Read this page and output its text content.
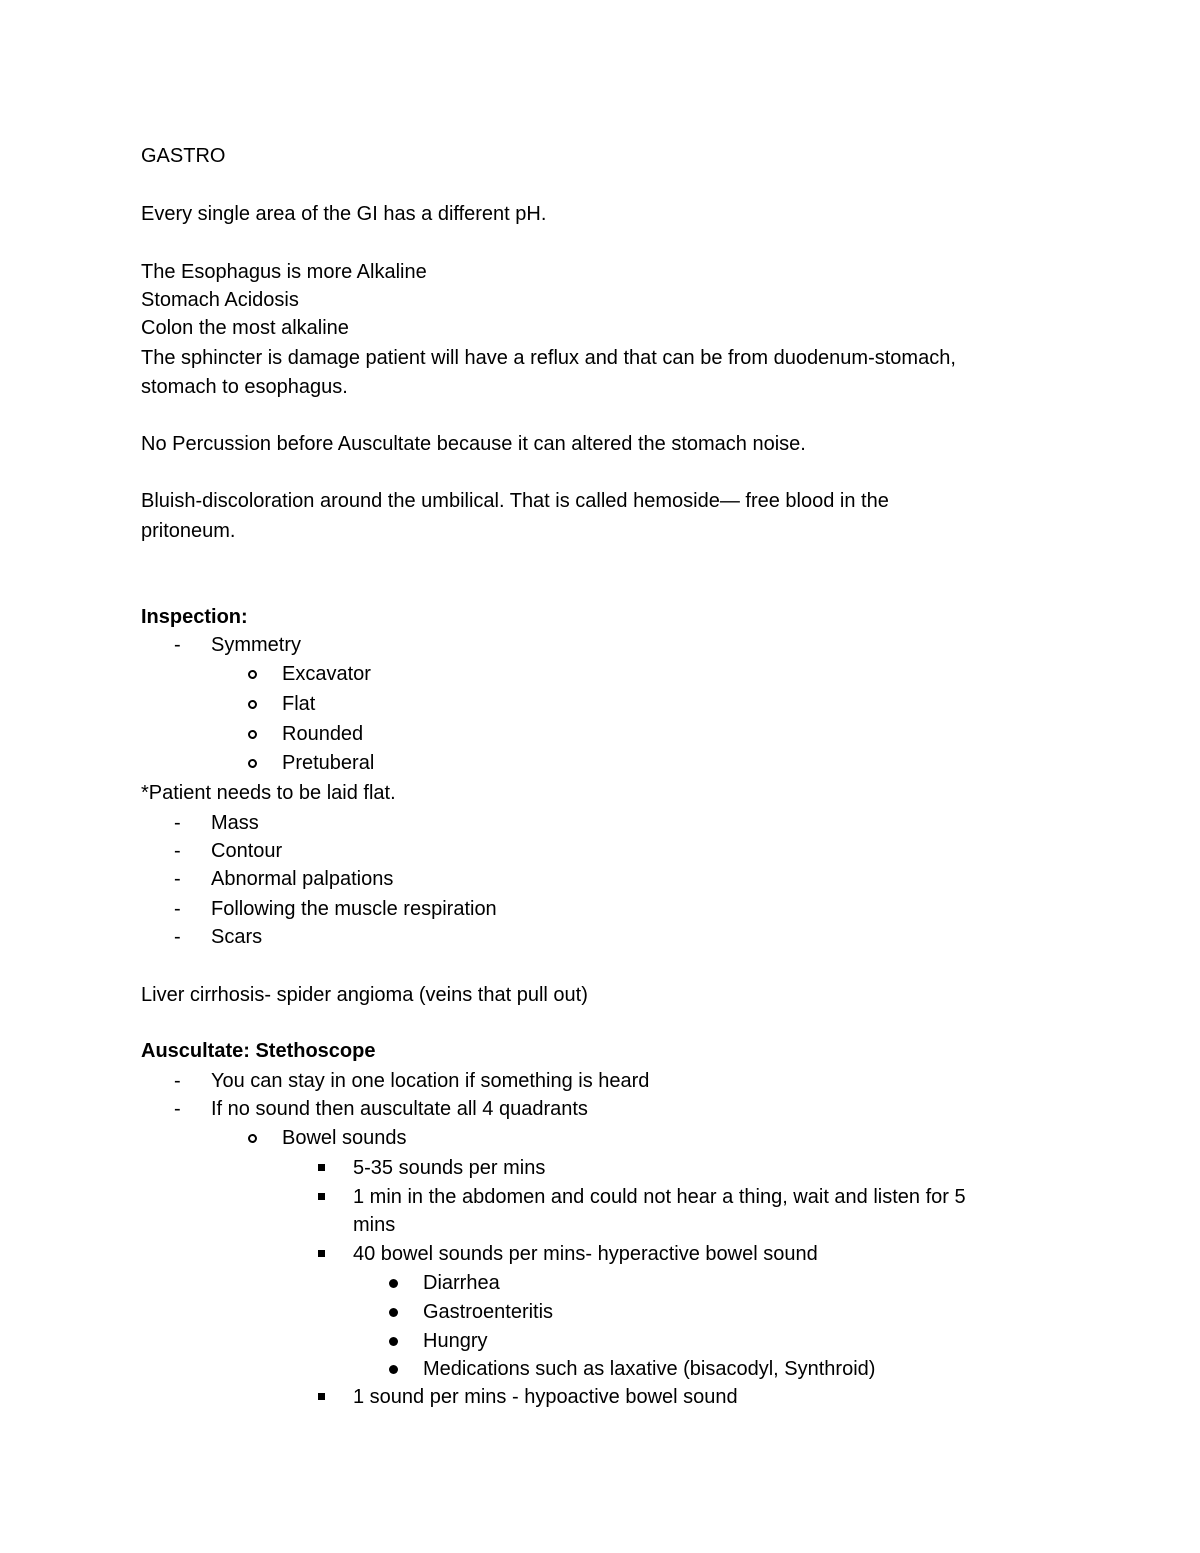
GASTRO
Every single area of the GI has a different pH.
The Esophagus is more Alkaline
Stomach Acidosis
Colon the most alkaline
The sphincter is damage patient will have a reflux and that can be from duodenum-stomach,
stomach to esophagus.
No Percussion before Auscultate because it can altered the stomach noise.
Bluish-discoloration around the umbilical. That is called hemoside— free blood in the
pritoneum.
Inspection:
- Symmetry
Excavator
Flat
Rounded
Pretuberal
*Patient needs to be laid flat.
- Mass
- Contour
- Abnormal palpations
- Following the muscle respiration
- Scars
Liver cirrhosis- spider angioma (veins that pull out)
Auscultate: Stethoscope
- You can stay in one location if something is heard
- If no sound then auscultate all 4 quadrants
Bowel sounds
5-35 sounds per mins
1 min in the abdomen and could not hear a thing, wait and listen for 5
mins
40 bowel sounds per mins- hyperactive bowel sound
Diarrhea
Gastroenteritis
Hungry
Medications such as laxative (bisacodyl, Synthroid)
1 sound per mins - hypoactive bowel sound
